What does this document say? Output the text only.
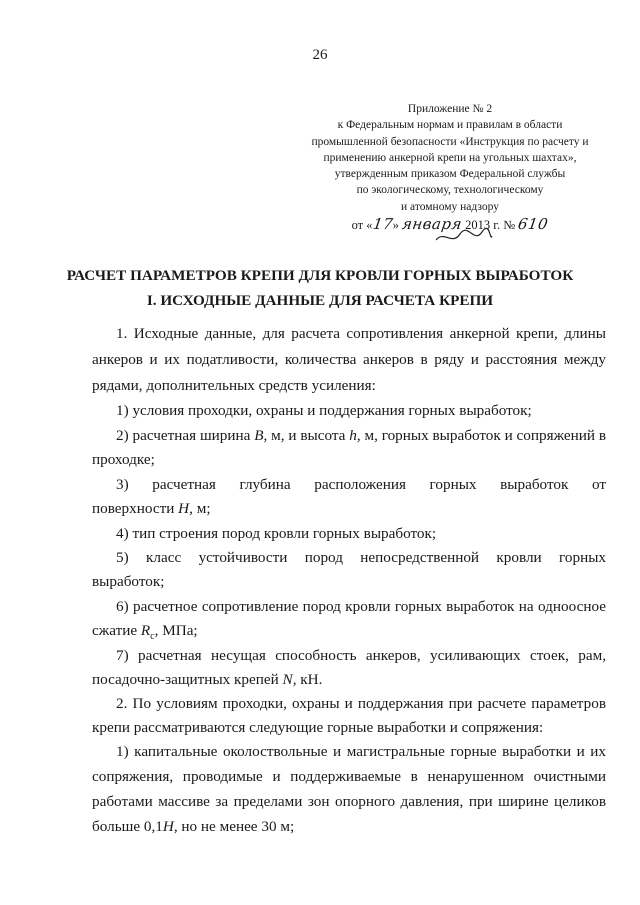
26
Приложение № 2
к Федеральным нормам и правилам в области
промышленной безопасности «Инструкция по расчету и
применению анкерной крепи на угольных шахтах»,
утвержденным приказом Федеральной службы
по экологическому, технологическому
и атомному надзору
от «17» января 2013 г. № 610
РАСЧЕТ ПАРАМЕТРОВ КРЕПИ ДЛЯ КРОВЛИ ГОРНЫХ ВЫРАБОТОК
I. ИСХОДНЫЕ ДАННЫЕ ДЛЯ РАСЧЕТА КРЕПИ
1. Исходные данные, для расчета сопротивления анкерной крепи, длины
анкеров и их податливости, количества анкеров в ряду и расстояния между
рядами, дополнительных средств усиления:
1) условия проходки, охраны и поддержания горных выработок;
2) расчетная ширина B, м, и высота h, м, горных выработок и сопряжений в
проходке;
3) расчетная глубина расположения горных выработок от
поверхности H, м;
4) тип строения пород кровли горных выработок;
5) класс устойчивости пород непосредственной кровли горных
выработок;
6) расчетное сопротивление пород кровли горных выработок на одноосное
сжатие $R_c$, МПа;
7) расчетная несущая способность анкеров, усиливающих стоек, рам,
посадочно-защитных крепей N, кН.
2. По условиям проходки, охраны и поддержания при расчете параметров
крепи рассматриваются следующие горные выработки и сопряжения:
1) капитальные околоствольные и магистральные горные выработки и их
сопряжения, проводимые и поддерживаемые в ненарушенном очистными
работами массиве за пределами зон опорного давления, при ширине целиков
больше 0,1H, но не менее 30 м;
